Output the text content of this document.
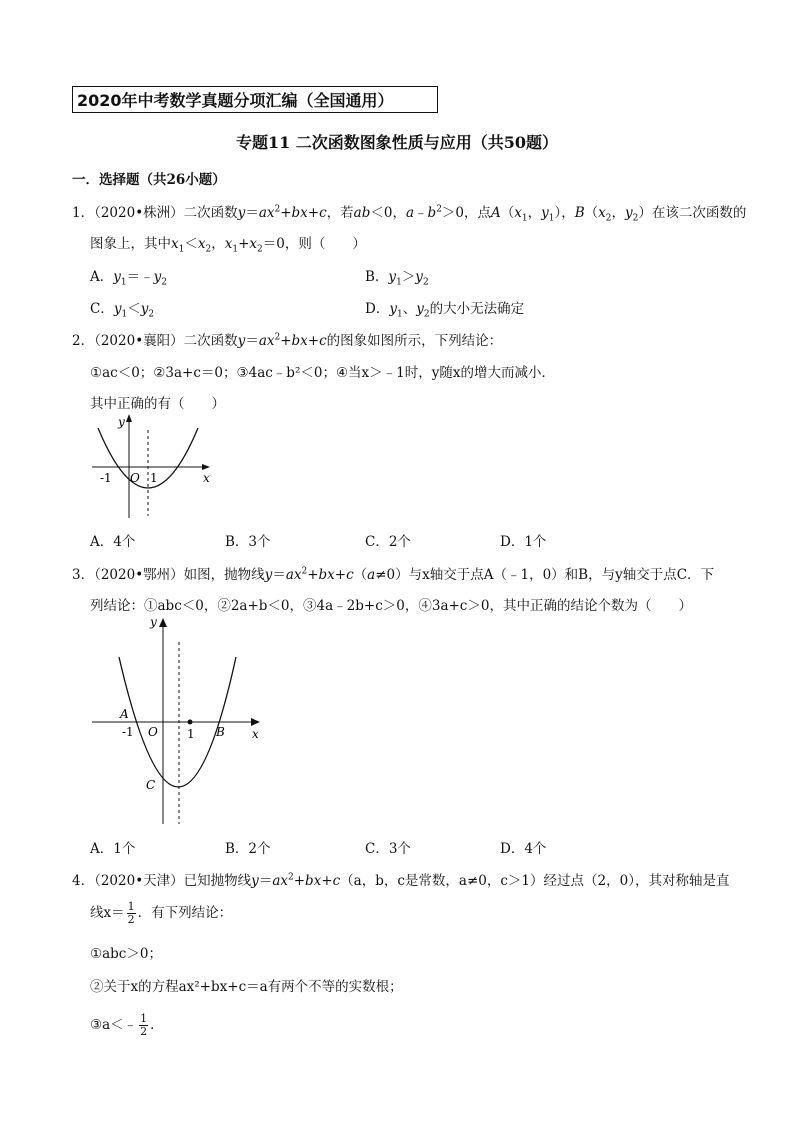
2020年中考数学真题分项汇编（全国通用）
专题11 二次函数图象性质与应用（共50题）
一．选择题（共26小题）
1．（2020•株洲）二次函数$y=ax^2+bx+c$，若ab＜0，$a﹣b^2>0$，点$A(x_1$，$y_1$），$B(x_2$，$y_2$）在该二次函数的
图象上，其中$x_1<x_2$，$x_1+x_2=0$，则（　　）
A．$y_1=﹣y_2$	B．$y_1>y_2$
C．$y_1<y_2$	D．$y_1$、$y_2$的大小无法确定
2．（2020•襄阳）二次函数$y=ax^2+bx+c$的图象如图所示，下列结论：
①ac＜0；②3a+c＝0；③4ac﹣b²＜0；④当x＞﹣1时，y随x的增大而减小．
其中正确的有（　　）
y
x
-1 O 1
A．4个	B．3个	C．2个	D．1个
3．（2020•鄂州）如图，抛物线$y=ax^2+bx+c(a\ne 0)$与x轴交于点A（﹣1，0）和B，与y轴交于点C．下
列结论：①abc＜0，②2a+b＜0，③4a﹣2b+c＞0，④3a+c＞0，其中正确的结论个数为（　　）
y
x
A
-1 O 1 B
C
A．1个	B．2个	C．3个	D．4个
4．（2020•天津）已知抛物线$y=ax^2+bx+c(a$，b，c是常数，a≠0，c＞1）经过点（2，0），其对称轴是直
线$x= \frac{1}{2}$ ．有下列结论：
①abc＞0；
②关于x的方程ax²+bx+c＝a有两个不等的实数根；
③a＜﹣ $\frac{1}{2}$ ．
